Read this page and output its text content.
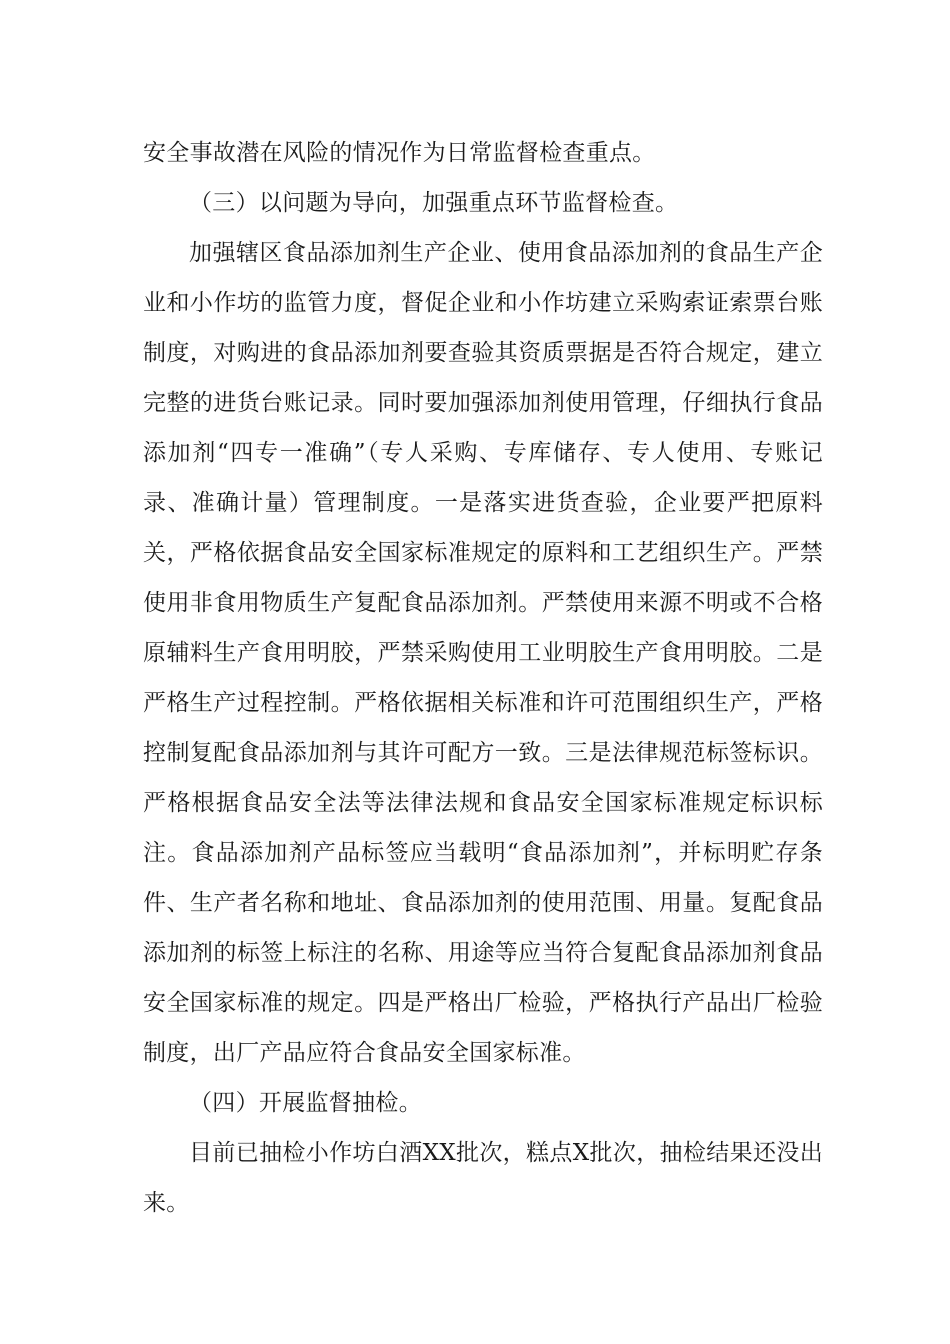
安全事故潜在风险的情况作为日常监督检查重点。

（三）以问题为导向，加强重点环节监督检查。

加强辖区食品添加剂生产企业、使用食品添加剂的食品生产企业和小作坊的监管力度，督促企业和小作坊建立采购索证索票台账制度，对购进的食品添加剂要查验其资质票据是否符合规定，建立完整的进货台账记录。同时要加强添加剂使用管理，仔细执行食品添加剂“四专一准确”（专人采购、专库储存、专人使用、专账记录、准确计量）管理制度。一是落实进货查验，企业要严把原料关，严格依据食品安全国家标准规定的原料和工艺组织生产。严禁使用非食用物质生产复配食品添加剂。严禁使用来源不明或不合格原辅料生产食用明胶，严禁采购使用工业明胶生产食用明胶。二是严格生产过程控制。严格依据相关标准和许可范围组织生产，严格控制复配食品添加剂与其许可配方一致。三是法律规范标签标识。严格根据食品安全法等法律法规和食品安全国家标准规定标识标注。食品添加剂产品标签应当载明“食品添加剂”，并标明贮存条件、生产者名称和地址、食品添加剂的使用范围、用量。复配食品添加剂的标签上标注的名称、用途等应当符合复配食品添加剂食品安全国家标准的规定。四是严格出厂检验，严格执行产品出厂检验制度，出厂产品应符合食品安全国家标准。

（四）开展监督抽检。

目前已抽检小作坊白酒XX批次，糕点X批次，抽检结果还没出来。
